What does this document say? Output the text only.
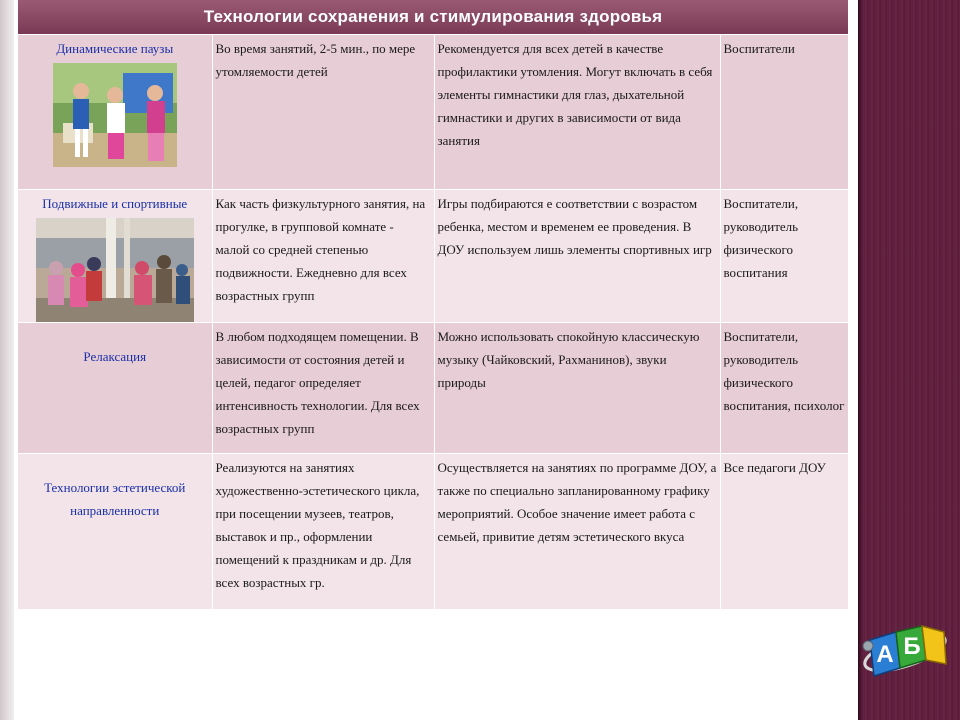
Технологии сохранения и стимулирования здоровья			

Динамические паузы	Во время занятий, 2-5 мин., по мере утомляемости детей	Рекомендуется для всех детей в качестве профилактики утомления. Могут включать в себя элементы гимнастики для глаз, дыхательной гимнастики и других в зависимости от вида занятия	Воспитатели

Подвижные и спортивные	Как часть физкультурного занятия, на прогулке, в групповой комнате - малой со средней степенью подвижности. Ежедневно для всех возрастных групп	Игры подбираются е соответствии с возрастом ребенка, местом и временем ее проведения. В ДОУ используем лишь элементы спортивных игр	Воспитатели, руководитель физического воспитания

Релаксация	В любом подходящем помещении. В зависимости от состояния детей и целей, педагог определяет интенсивность технологии. Для всех возрастных групп	Можно использовать спокойную классическую музыку (Чайковский, Рахманинов), звуки природы	Воспитатели, руководитель физического воспитания, психолог

Технологии эстетической направленности	Реализуются на занятиях художественно-эстетического цикла, при посещении музеев, театров, выставок и пр., оформлении помещений к праздникам и др. Для всех возрастных гр.	Осуществляется на занятиях по программе ДОУ, а также по специально запланированному графику мероприятий. Особое значение имеет работа с семьей, привитие детям эстетического вкуса	Все педагоги ДОУ
А Б
